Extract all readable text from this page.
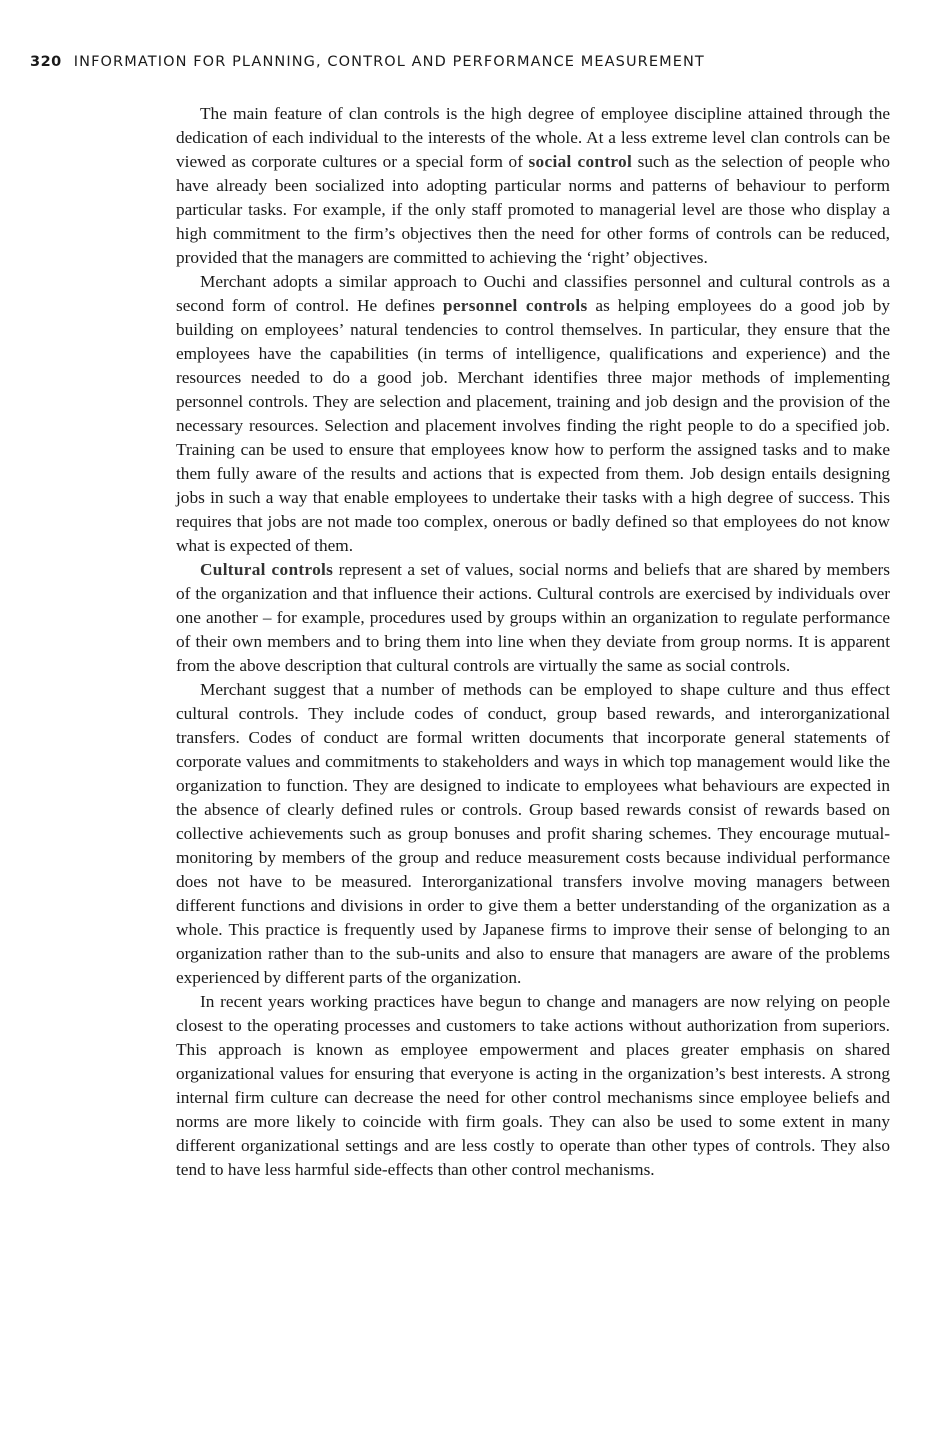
320 INFORMATION FOR PLANNING, CONTROL AND PERFORMANCE MEASUREMENT

The main feature of clan controls is the high degree of employee discipline attained through the dedication of each individual to the interests of the whole. At a less extreme level clan controls can be viewed as corporate cultures or a special form of social control such as the selection of people who have already been socialized into adopting particular norms and patterns of behaviour to perform particular tasks. For example, if the only staff promoted to managerial level are those who display a high commitment to the firm’s objectives then the need for other forms of controls can be reduced, provided that the managers are committed to achieving the ‘right’ objectives.

Merchant adopts a similar approach to Ouchi and classifies personnel and cultural controls as a second form of control. He defines personnel controls as helping employees do a good job by building on employees’ natural tendencies to control themselves. In particular, they ensure that the employees have the capabilities (in terms of intelligence, qualifications and experience) and the resources needed to do a good job. Merchant identifies three major methods of implementing personnel controls. They are selection and placement, training and job design and the provision of the necessary resources. Selection and placement involves finding the right people to do a specified job. Training can be used to ensure that employees know how to perform the assigned tasks and to make them fully aware of the results and actions that is expected from them. Job design entails designing jobs in such a way that enable employees to undertake their tasks with a high degree of success. This requires that jobs are not made too complex, onerous or badly defined so that employees do not know what is expected of them.

Cultural controls represent a set of values, social norms and beliefs that are shared by members of the organization and that influence their actions. Cultural controls are exercised by individuals over one another – for example, procedures used by groups within an organization to regulate performance of their own members and to bring them into line when they deviate from group norms. It is apparent from the above description that cultural controls are virtually the same as social controls.

Merchant suggest that a number of methods can be employed to shape culture and thus effect cultural controls. They include codes of conduct, group based rewards, and interorganizational transfers. Codes of conduct are formal written documents that incorporate general statements of corporate values and commitments to stakeholders and ways in which top management would like the organization to function. They are designed to indicate to employees what behaviours are expected in the absence of clearly defined rules or controls. Group based rewards consist of rewards based on collective achievements such as group bonuses and profit sharing schemes. They encourage mutual-monitoring by members of the group and reduce measurement costs because individual performance does not have to be measured. Interorganizational transfers involve moving managers between different functions and divisions in order to give them a better understanding of the organization as a whole. This practice is frequently used by Japanese firms to improve their sense of belonging to an organization rather than to the sub-units and also to ensure that managers are aware of the problems experienced by different parts of the organization.

In recent years working practices have begun to change and managers are now relying on people closest to the operating processes and customers to take actions without authorization from superiors. This approach is known as employee empowerment and places greater emphasis on shared organizational values for ensuring that everyone is acting in the organization’s best interests. A strong internal firm culture can decrease the need for other control mechanisms since employee beliefs and norms are more likely to coincide with firm goals. They can also be used to some extent in many different organizational settings and are less costly to operate than other types of controls. They also tend to have less harmful side-effects than other control mechanisms.
